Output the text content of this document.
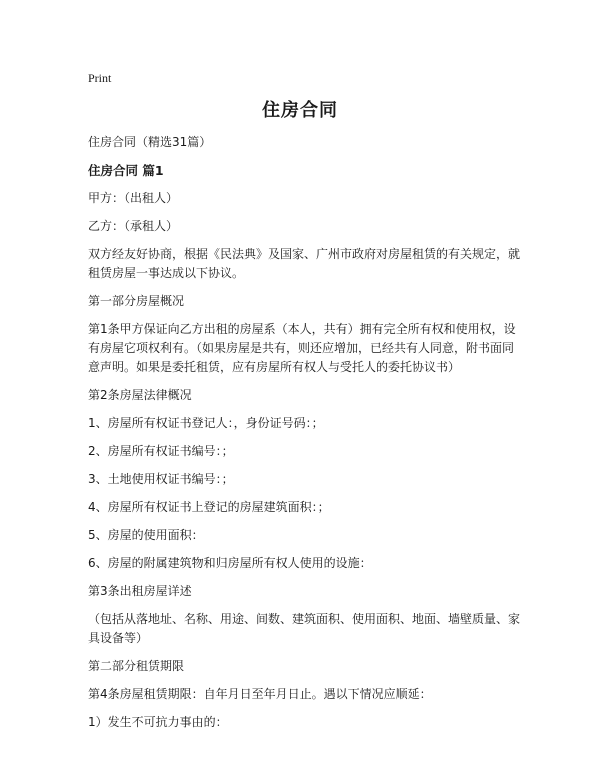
Print
住房合同

住房合同（精选31篇）

住房合同 篇1

甲方：（出租人）

乙方：（承租人）

双方经友好协商，根据《民法典》及国家、广州市政府对房屋租赁的有关规定，就租赁房屋一事达成以下协议。

第一部分房屋概况

第1条甲方保证向乙方出租的房屋系（本人，共有）拥有完全所有权和使用权，设有房屋它项权利有。（如果房屋是共有，则还应增加，已经共有人同意，附书面同意声明。如果是委托租赁，应有房屋所有权人与受托人的委托协议书）

第2条房屋法律概况

1、房屋所有权证书登记人：，身份证号码：；

2、房屋所有权证书编号：；

3、土地使用权证书编号：；

4、房屋所有权证书上登记的房屋建筑面积：；

5、房屋的使用面积：

6、房屋的附属建筑物和归房屋所有权人使用的设施：

第3条出租房屋详述

（包括从落地址、名称、用途、间数、建筑面积、使用面积、地面、墙壁质量、家具设备等）

第二部分租赁期限

第4条房屋租赁期限：自年月日至年月日止。遇以下情况应顺延：

1）发生不可抗力事由的：
